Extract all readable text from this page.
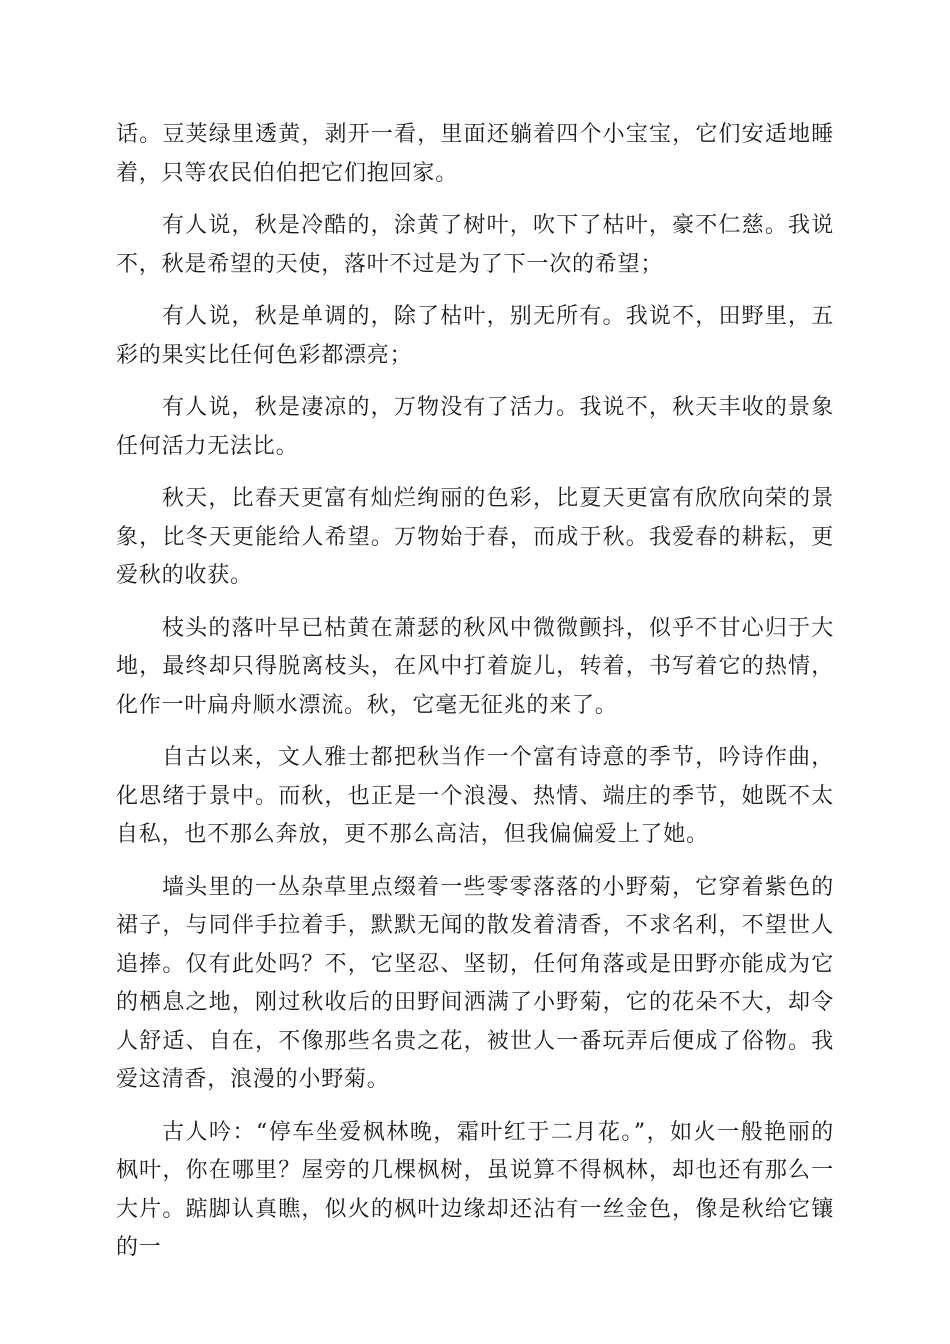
话。豆荚绿里透黄，剥开一看，里面还躺着四个小宝宝，它们安适地睡着，只等农民伯伯把它们抱回家。

有人说，秋是冷酷的，涂黄了树叶，吹下了枯叶，豪不仁慈。我说不，秋是希望的天使，落叶不过是为了下一次的希望；

有人说，秋是单调的，除了枯叶，别无所有。我说不，田野里，五彩的果实比任何色彩都漂亮；

有人说，秋是凄凉的，万物没有了活力。我说不，秋天丰收的景象任何活力无法比。

秋天，比春天更富有灿烂绚丽的色彩，比夏天更富有欣欣向荣的景象，比冬天更能给人希望。万物始于春，而成于秋。我爱春的耕耘，更爱秋的收获。

枝头的落叶早已枯黄在萧瑟的秋风中微微颤抖，似乎不甘心归于大地，最终却只得脱离枝头，在风中打着旋儿，转着，书写着它的热情，化作一叶扁舟顺水漂流。秋，它毫无征兆的来了。

自古以来，文人雅士都把秋当作一个富有诗意的季节，吟诗作曲，化思绪于景中。而秋，也正是一个浪漫、热情、端庄的季节，她既不太自私，也不那么奔放，更不那么高洁，但我偏偏爱上了她。

墙头里的一丛杂草里点缀着一些零零落落的小野菊，它穿着紫色的裙子，与同伴手拉着手，默默无闻的散发着清香，不求名利，不望世人追捧。仅有此处吗？不，它坚忍、坚韧，任何角落或是田野亦能成为它的栖息之地，刚过秋收后的田野间洒满了小野菊，它的花朵不大，却令人舒适、自在，不像那些名贵之花，被世人一番玩弄后便成了俗物。我爱这清香，浪漫的小野菊。

古人吟：“停车坐爱枫林晚，霜叶红于二月花。”，如火一般艳丽的枫叶，你在哪里？屋旁的几棵枫树，虽说算不得枫林，却也还有那么一大片。踮脚认真瞧，似火的枫叶边缘却还沾有一丝金色，像是秋给它镶的一
